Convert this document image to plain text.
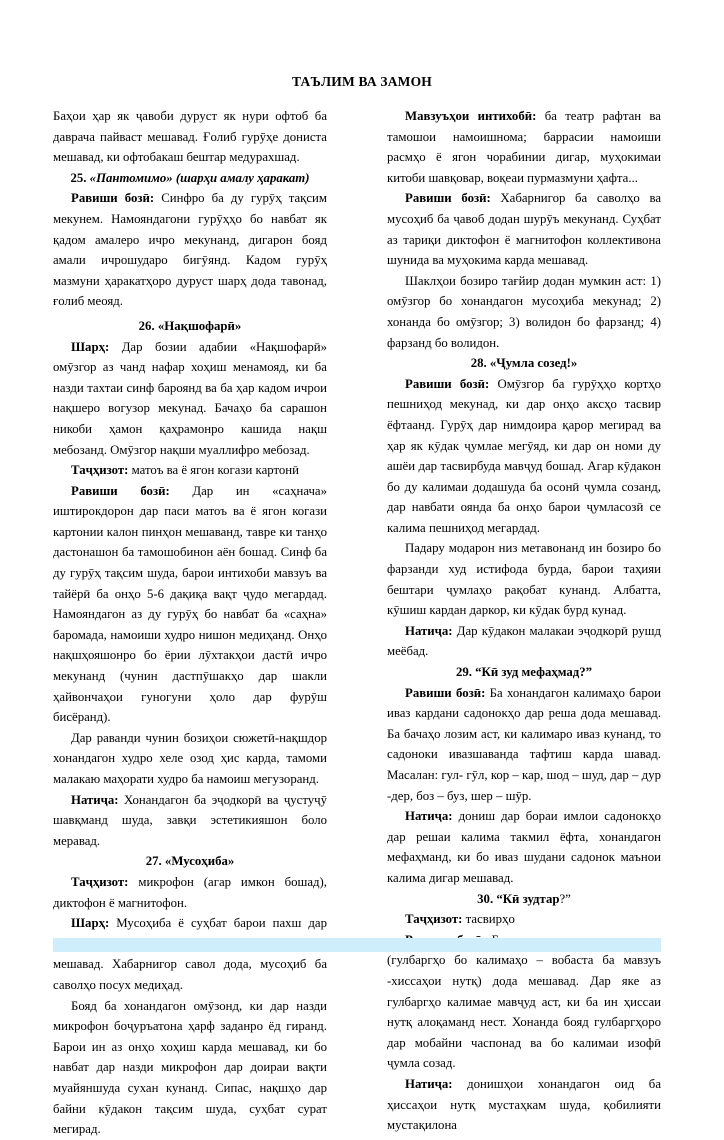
ТАЪЛИМ ВА ЗАМОН

Баҳои ҳар як ҷавоби дуруст як нури офтоб ба даврача пайваст мешавад. Ғолиб гурӯҳе дониста мешавад, ки офтобакаш бештар медурахшад.

25. «Пантомимо» (шарҳи амалу ҳаракат)

Равиши бозӣ: Синфро ба ду гурӯҳ тақсим мекунем. Намояндагони гурӯҳҳо бо навбат як қадом амалеро ичро мекунанд, дигарон бояд амали ичрошударо бигӯянд. Кадом гурӯҳ мазмуни ҳаракатҳоро дуруст шарҳ дода тавонад, ғолиб меояд.

26. «Нақшофарӣ»

Шарҳ: Дар бозии адабии «Нақшофарӣ» омӯзгор аз чанд нафар хоҳиш менамояд, ки ба назди тахтаи синф бароянд ва ба ҳар кадом ичрои нақшеро вогузор мекунад. Бачаҳо ба сарашон никоби ҳамон қаҳрамонро кашида нақш мебозанд. Омӯзгор нақши муаллифро мебозад.

Таҷҳизот: матоъ ва ё ягон когази картонӣ

Равиши бозӣ: Дар ин «саҳнача» иштирокдорон дар паси матоъ ва ё ягон когази картонии калон пинҳон мешаванд, тавре ки танҳо дастонашон ба тамошобинон аён бошад. Синф ба ду гурӯҳ тақсим шуда, барои интихоби мавзуъ ва тайёрӣ ба онҳо 5-6 дақиқа вақт ҷудо мегардад. Намояндагон аз ду гурӯҳ бо навбат ба «саҳна» баромада, намоиши худро нишон медиҳанд. Онҳо нақшҳояшонро бо ёрии лӯхтакҳои дастӣ ичро мекунанд (чунин дастпӯшакҳо дар шакли ҳайвончаҳои гуногуни ҳоло дар фурӯш бисёранд).

Дар раванди чунин бозиҳои сюжетӣ-нақшдор хонандагон худро хеле озод ҳис карда, тамоми малакаю маҳорати худро ба намоиш мегузоранд.

Натиҷа: Хонандагон ба эҷодкорӣ ва ҷустуҷӯ шавқманд шуда, завқи эстетикияшон боло меравад.

27. «Мусоҳиба»

Таҷҳизот: микрофон (агар имкон бошад), диктофон ё магнитофон.

Шарҳ: Мусоҳиба ё суҳбат барои пахш дар мешавад. Хабарнигор савол дода, мусоҳиб ба саволҳо посух медиҳад.

Бояд ба хонандагон омӯзонд, ки дар назди микрофон боҷуръатона ҳарф заданро ёд гиранд. Барои ин аз онҳо хоҳиш карда мешавад, ки бо навбат дар назди микрофон дар доираи вақти муайяншуда сухан кунанд. Сипас, нақшҳо дар байни кӯдакон тақсим шуда, суҳбат сурат мегирад.

Мавзуъҳои интихобӣ: ба театр рафтан ва тамошои намоишнома; баррасии намоиши расмҳо ё ягон чорабинии дигар, муҳокимаи китоби шавқовар, воқеаи пурмазмуни ҳафта...

Равиши бозӣ: Хабарнигор ба саволҳо ва мусоҳиб ба ҷавоб додан шурӯъ мекунанд. Суҳбат аз тариқи диктофон ё магнитофон коллективона шунида ва муҳокима карда мешавад.

Шаклҳои бозиро тағйир додан мумкин аст: 1) омӯзгор бо хонандагон мусоҳиба мекунад; 2) хонанда бо омӯзгор; 3) волидон бо фарзанд; 4) фарзанд бо волидон.

28. «Ҷумла созед!»

Равиши бозӣ: Омӯзгор ба гурӯҳҳо кортҳо пешниҳод мекунад, ки дар онҳо аксҳо тасвир ёфтаанд. Гурӯҳ дар нимдоира қарор мегирад ва ҳар як кӯдак ҷумлае мегӯяд, ки дар он номи ду ашёи дар тасвирбуда мавҷуд бошад. Агар кӯдакон бо ду калимаи додашуда ба осонӣ ҷумла созанд, дар навбати оянда ба онҳо барои ҷумласозӣ се калима пешниҳод мегардад.

Падару модарон низ метавонанд ин бозиро бо фарзанди худ истифода бурда, барои таҳияи бештари ҷумлаҳо рақобат кунанд. Албатта, кӯшиш кардан даркор, ки кӯдак бурд кунад.

Натиҷа: Дар кӯдакон малакаи эҷодкорӣ рушд меёбад.

29. “Кӣ зуд мефаҳмад?”

Равиши бозӣ: Ба хонандагон калимаҳо барои иваз кардани садонокҳо дар реша дода мешавад. Ба бачаҳо лозим аст, ки калимаро иваз кунанд, то садоноки ивазшаванда тафтиш карда шавад. Масалан: гул- гӯл, кор – кар, шод – шуд, дар – дур -дер, боз – буз, шер – шӯр.

Натиҷа: дониш дар бораи имлои садонокҳо дар решаи калима такмил ёфта, хонандагон мефаҳманд, ки бо иваз шудани садонок маънои калима дигар мешавад.

30. “Кӣ зудтар?”

Таҷҳизот: тасвирҳо

(гулбаргҳо бо калимаҳо – вобаста ба мавзуъ -хиссаҳои нутқ) дода мешавад. Дар яке аз гулбаргҳо калимае мавҷуд аст, ки ба ин ҳиссаи нутқ алоқаманд нест. Хонанда бояд гулбаргҳоро дар мобайни часпонад ва бо калимаи изофӣ ҷумла созад.

Натиҷа: донишҳои хонандагон оид ба ҳиссаҳои нутқ мустаҳкам шуда, қобилияти мустақилона
